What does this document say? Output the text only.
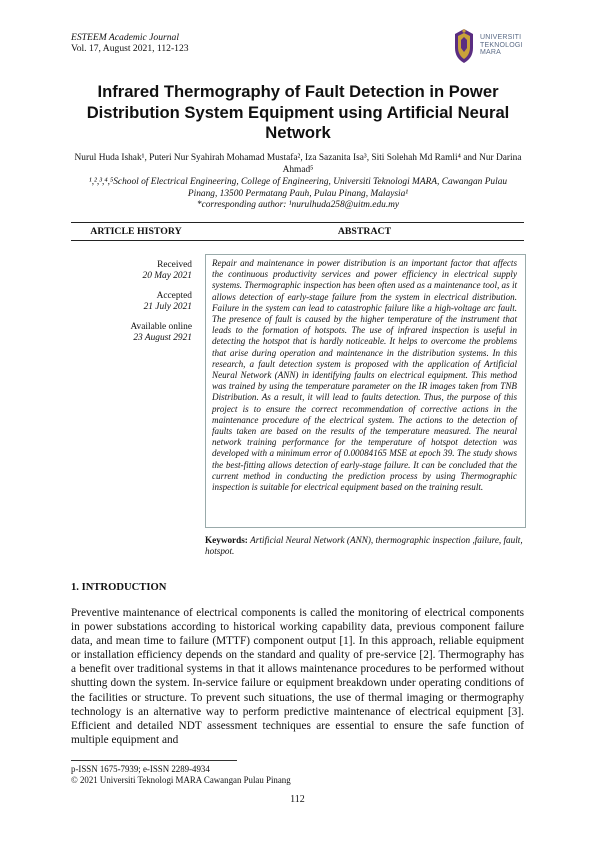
ESTEEM Academic Journal
Vol. 17, August 2021, 112-123
UNIVERSITI
TEKNOLOGI
MARA
Infrared Thermography of Fault Detection in Power Distribution System Equipment using Artificial Neural Network
Nurul Huda Ishak¹, Puteri Nur Syahirah Mohamad Mustafa², Iza Sazanita Isa³, Siti Solehah Md Ramli⁴ and Nur Darina Ahmad⁵
¹,²,³,⁴,⁵School of Electrical Engineering, College of Engineering, Universiti Teknologi MARA, Cawangan Pulau Pinang, 13500 Permatang Pauh, Pulau Pinang, Malaysia¹
*corresponding author: ¹nurulhuda258@uitm.edu.my
ARTICLE HISTORY	ABSTRACT
Received
20 May 2021
Accepted
21 July 2021
Available online
23 August 2921
Repair and maintenance in power distribution is an important factor that affects the continuous productivity services and power efficiency in electrical supply systems. Thermographic inspection has been often used as a maintenance tool, as it allows detection of early-stage failure from the system in electrical distribution. Failure in the system can lead to catastrophic failure like a high-voltage arc fault. The presence of fault is caused by the higher temperature of the instrument that leads to the formation of hotspots. The use of infrared inspection is useful in detecting the hotspot that is hardly noticeable. It helps to overcome the problems that arise during operation and maintenance in the distribution systems. In this research, a fault detection system is proposed with the application of Artificial Neural Network (ANN) in identifying faults on electrical equipment. This method was trained by using the temperature parameter on the IR images taken from TNB Distribution. As a result, it will lead to faults detection. Thus, the purpose of this project is to ensure the correct recommendation of corrective actions in the maintenance procedure of the electrical system. The actions to the detection of faults taken are based on the results of the temperature measured. The neural network training performance for the temperature of hotspot detection was developed with a minimum error of 0.00084165 MSE at epoch 39. The study shows the best-fitting allows detection of early-stage failure. It can be concluded that the current method in conducting the prediction process by using Thermographic inspection is suitable for electrical equipment based on the training result.
Keywords: Artificial Neural Network (ANN), thermographic inspection ,failure, fault, hotspot.
1. INTRODUCTION
Preventive maintenance of electrical components is called the monitoring of electrical components in power substations according to historical working capability data, previous component failure data, and mean time to failure (MTTF) component output [1]. In this approach, reliable equipment or installation efficiency depends on the standard and quality of pre-service [2]. Thermography has a benefit over traditional systems in that it allows maintenance procedures to be performed without shutting down the system. In-service failure or equipment breakdown under operating conditions of the facilities or structure. To prevent such situations, the use of thermal imaging or thermography technology is an alternative way to perform predictive maintenance of electrical equipment [3]. Efficient and detailed NDT assessment techniques are essential to ensure the safe function of multiple equipment and
p-ISSN 1675-7939; e-ISSN 2289-4934
© 2021 Universiti Teknologi MARA Cawangan Pulau Pinang
112
